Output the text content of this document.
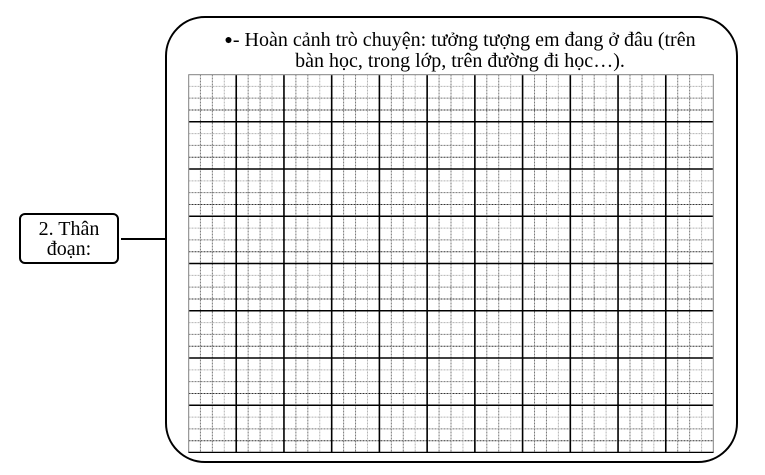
2. Thân
đoạn:
●- Hoàn cảnh trò chuyện: tưởng tượng em đang ở đâu (trên
bàn học, trong lớp, trên đường đi học…).
